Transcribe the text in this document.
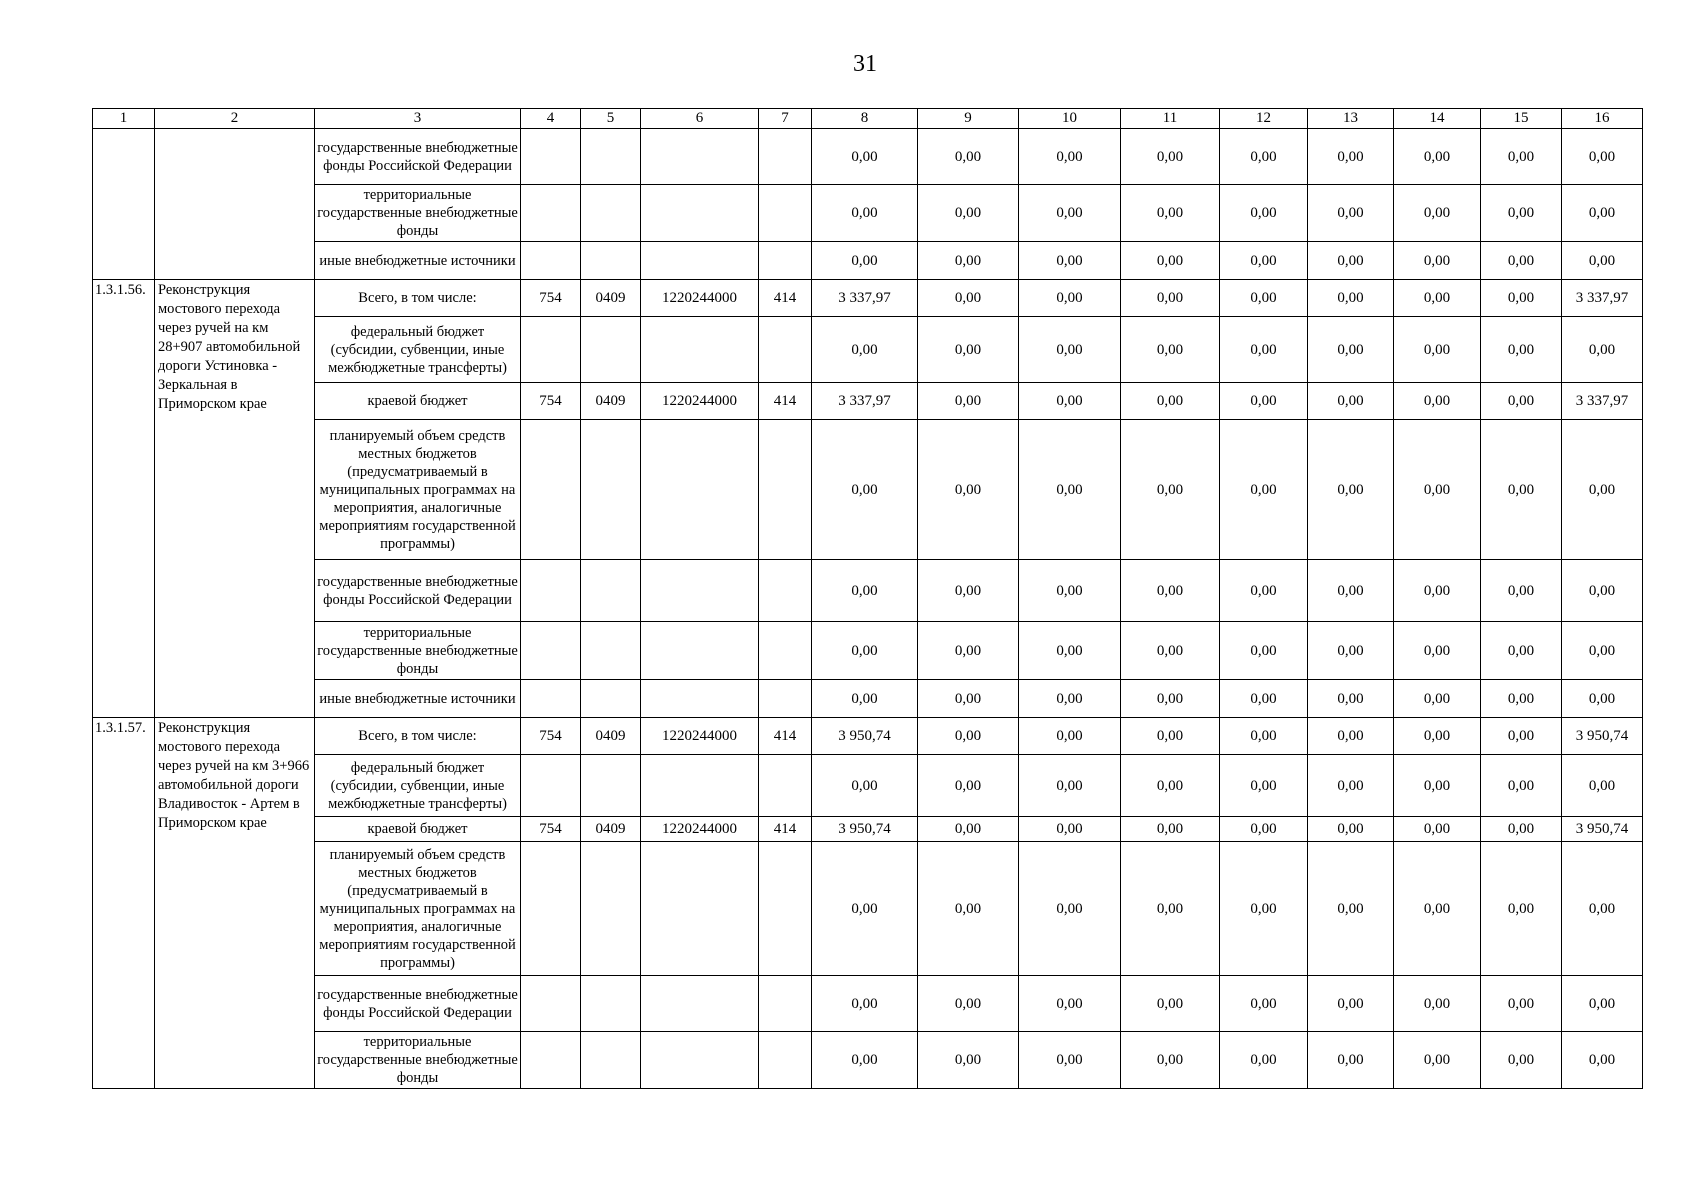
31
1	2	3	4	5	6	7	8	9	10	11	12	13	14	15	16
		государственные внебюджетные фонды Российской Федерации					0,00	0,00	0,00	0,00	0,00	0,00	0,00	0,00	0,00
		территориальные государственные внебюджетные фонды					0,00	0,00	0,00	0,00	0,00	0,00	0,00	0,00	0,00
		иные внебюджетные источники					0,00	0,00	0,00	0,00	0,00	0,00	0,00	0,00	0,00
1.3.1.56.	Реконструкция мостового перехода через ручей на км 28+907 автомобильной дороги Устиновка - Зеркальная в Приморском крае	Всего, в том числе:	754	0409	1220244000	414	3 337,97	0,00	0,00	0,00	0,00	0,00	0,00	0,00	3 337,97
		федеральный бюджет (субсидии, субвенции, иные межбюджетные трансферты)					0,00	0,00	0,00	0,00	0,00	0,00	0,00	0,00	0,00
		краевой бюджет	754	0409	1220244000	414	3 337,97	0,00	0,00	0,00	0,00	0,00	0,00	0,00	3 337,97
		планируемый объем средств местных бюджетов (предусматриваемый в муниципальных программах на мероприятия, аналогичные мероприятиям государственной программы)					0,00	0,00	0,00	0,00	0,00	0,00	0,00	0,00	0,00
		государственные внебюджетные фонды Российской Федерации					0,00	0,00	0,00	0,00	0,00	0,00	0,00	0,00	0,00
		территориальные государственные внебюджетные фонды					0,00	0,00	0,00	0,00	0,00	0,00	0,00	0,00	0,00
		иные внебюджетные источники					0,00	0,00	0,00	0,00	0,00	0,00	0,00	0,00	0,00
1.3.1.57.	Реконструкция мостового перехода через ручей на км 3+966 автомобильной дороги Владивосток - Артем в Приморском крае	Всего, в том числе:	754	0409	1220244000	414	3 950,74	0,00	0,00	0,00	0,00	0,00	0,00	0,00	3 950,74
		федеральный бюджет (субсидии, субвенции, иные межбюджетные трансферты)					0,00	0,00	0,00	0,00	0,00	0,00	0,00	0,00	0,00
		краевой бюджет	754	0409	1220244000	414	3 950,74	0,00	0,00	0,00	0,00	0,00	0,00	0,00	3 950,74
		планируемый объем средств местных бюджетов (предусматриваемый в муниципальных программах на мероприятия, аналогичные мероприятиям государственной программы)					0,00	0,00	0,00	0,00	0,00	0,00	0,00	0,00	0,00
		государственные внебюджетные фонды Российской Федерации					0,00	0,00	0,00	0,00	0,00	0,00	0,00	0,00	0,00
		территориальные государственные внебюджетные фонды					0,00	0,00	0,00	0,00	0,00	0,00	0,00	0,00	0,00
